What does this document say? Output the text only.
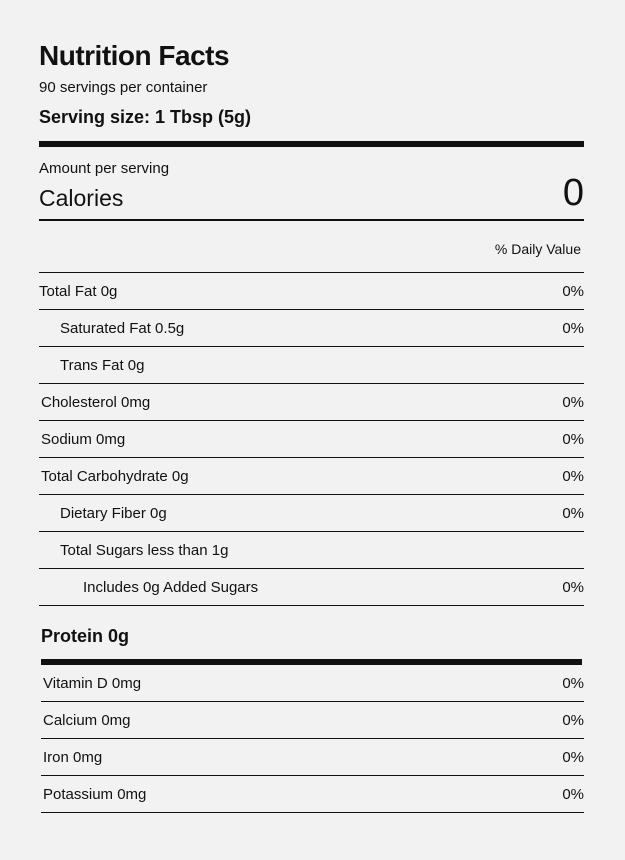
Nutrition Facts
90 servings per container
Serving size: 1 Tbsp (5g)
Amount per serving
Calories	0
% Daily Value
Total Fat 0g	0%
Saturated Fat 0.5g	0%
Trans Fat 0g
Cholesterol 0mg	0%
Sodium 0mg	0%
Total Carbohydrate 0g	0%
Dietary Fiber 0g	0%
Total Sugars less than 1g
Includes 0g Added Sugars	0%
Protein 0g
Vitamin D 0mg	0%
Calcium 0mg	0%
Iron 0mg	0%
Potassium 0mg	0%
